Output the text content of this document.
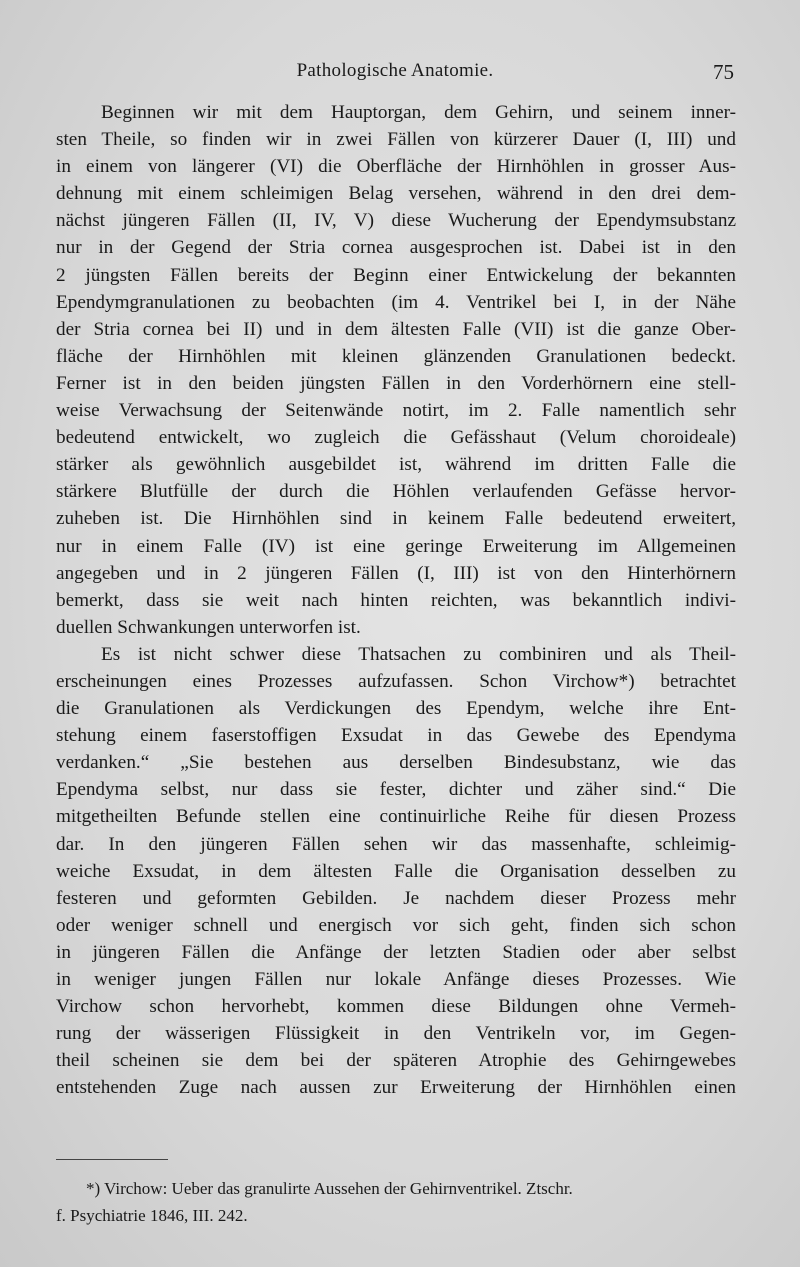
Pathologische Anatomie.	75
Beginnen wir mit dem Hauptorgan, dem Gehirn, und seinem inner-
sten Theile, so finden wir in zwei Fällen von kürzerer Dauer (I, III) und
in einem von längerer (VI) die Oberfläche der Hirnhöhlen in grosser Aus-
dehnung mit einem schleimigen Belag versehen, während in den drei dem-
nächst jüngeren Fällen (II, IV, V) diese Wucherung der Ependymsubstanz
nur in der Gegend der Stria cornea ausgesprochen ist. Dabei ist in den
2 jüngsten Fällen bereits der Beginn einer Entwickelung der bekannten
Ependymgranulationen zu beobachten (im 4. Ventrikel bei I, in der Nähe
der Stria cornea bei II) und in dem ältesten Falle (VII) ist die ganze Ober-
fläche der Hirnhöhlen mit kleinen glänzenden Granulationen bedeckt.
Ferner ist in den beiden jüngsten Fällen in den Vorderhörnern eine stell-
weise Verwachsung der Seitenwände notirt, im 2. Falle namentlich sehr
bedeutend entwickelt, wo zugleich die Gefässhaut (Velum choroideale)
stärker als gewöhnlich ausgebildet ist, während im dritten Falle die
stärkere Blutfülle der durch die Höhlen verlaufenden Gefässe hervor-
zuheben ist. Die Hirnhöhlen sind in keinem Falle bedeutend erweitert,
nur in einem Falle (IV) ist eine geringe Erweiterung im Allgemeinen
angegeben und in 2 jüngeren Fällen (I, III) ist von den Hinterhörnern
bemerkt, dass sie weit nach hinten reichten, was bekanntlich indivi-
duellen Schwankungen unterworfen ist.
Es ist nicht schwer diese Thatsachen zu combiniren und als Theil-
erscheinungen eines Prozesses aufzufassen. Schon Virchow*) betrachtet
die Granulationen als Verdickungen des Ependym, welche ihre Ent-
stehung einem faserstoffigen Exsudat in das Gewebe des Ependyma
verdanken.“ „Sie bestehen aus derselben Bindesubstanz, wie das
Ependyma selbst, nur dass sie fester, dichter und zäher sind.“ Die
mitgetheilten Befunde stellen eine continuirliche Reihe für diesen Prozess
dar. In den jüngeren Fällen sehen wir das massenhafte, schleimig-
weiche Exsudat, in dem ältesten Falle die Organisation desselben zu
festeren und geformten Gebilden. Je nachdem dieser Prozess mehr
oder weniger schnell und energisch vor sich geht, finden sich schon
in jüngeren Fällen die Anfänge der letzten Stadien oder aber selbst
in weniger jungen Fällen nur lokale Anfänge dieses Prozesses. Wie
Virchow schon hervorhebt, kommen diese Bildungen ohne Vermeh-
rung der wässerigen Flüssigkeit in den Ventrikeln vor, im Gegen-
theil scheinen sie dem bei der späteren Atrophie des Gehirngewebes
entstehenden Zuge nach aussen zur Erweiterung der Hirnhöhlen einen
*) Virchow: Ueber das granulirte Aussehen der Gehirnventrikel. Ztschr.
f. Psychiatrie 1846, III. 242.
